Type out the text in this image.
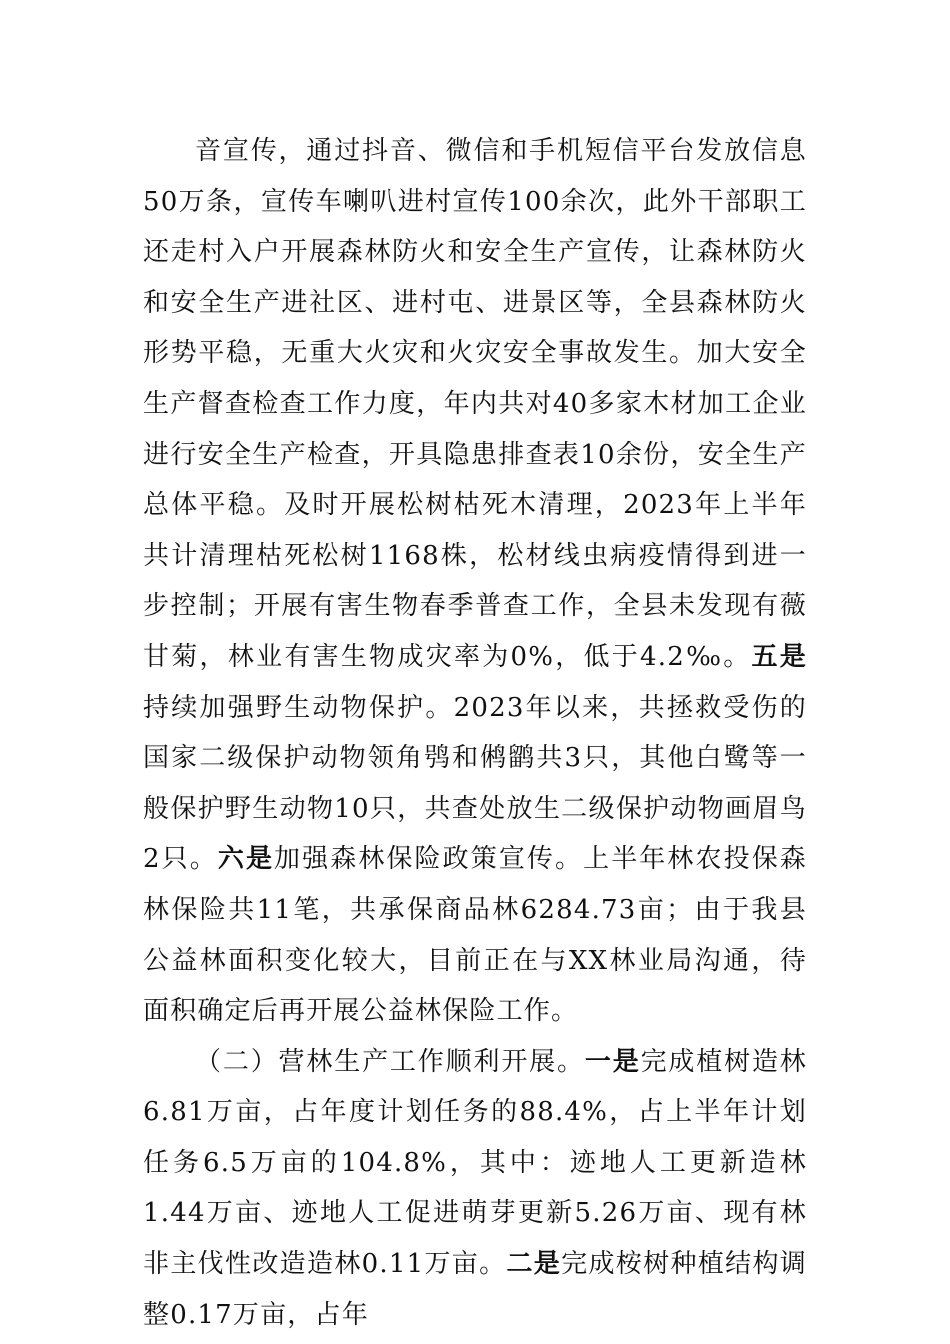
音宣传，通过抖音、微信和手机短信平台发放信息50万条，宣传车喇叭进村宣传100余次，此外干部职工还走村入户开展森林防火和安全生产宣传，让森林防火和安全生产进社区、进村屯、进景区等，全县森林防火形势平稳，无重大火灾和火灾安全事故发生。加大安全生产督查检查工作力度，年内共对40多家木材加工企业进行安全生产检查，开具隐患排查表10余份，安全生产总体平稳。及时开展松树枯死木清理，2023年上半年共计清理枯死松树1168株，松材线虫病疫情得到进一步控制；开展有害生物春季普查工作，全县未发现有薇甘菊，林业有害生物成灾率为0%，低于4.2‰。五是持续加强野生动物保护。2023年以来，共拯救受伤的国家二级保护动物领角鸮和鸺鹠共3只，其他白鹭等一般保护野生动物10只，共查处放生二级保护动物画眉鸟2只。六是加强森林保险政策宣传。上半年林农投保森林保险共11笔，共承保商品林6284.73亩；由于我县公益林面积变化较大，目前正在与XX林业局沟通，待面积确定后再开展公益林保险工作。

（二）营林生产工作顺利开展。一是完成植树造林6.81万亩，占年度计划任务的88.4%，占上半年计划任务6.5万亩的104.8%，其中：迹地人工更新造林1.44万亩、迹地人工促进萌芽更新5.26万亩、现有林非主伐性改造造林0.11万亩。二是完成桉树种植结构调整0.17万亩，占年
